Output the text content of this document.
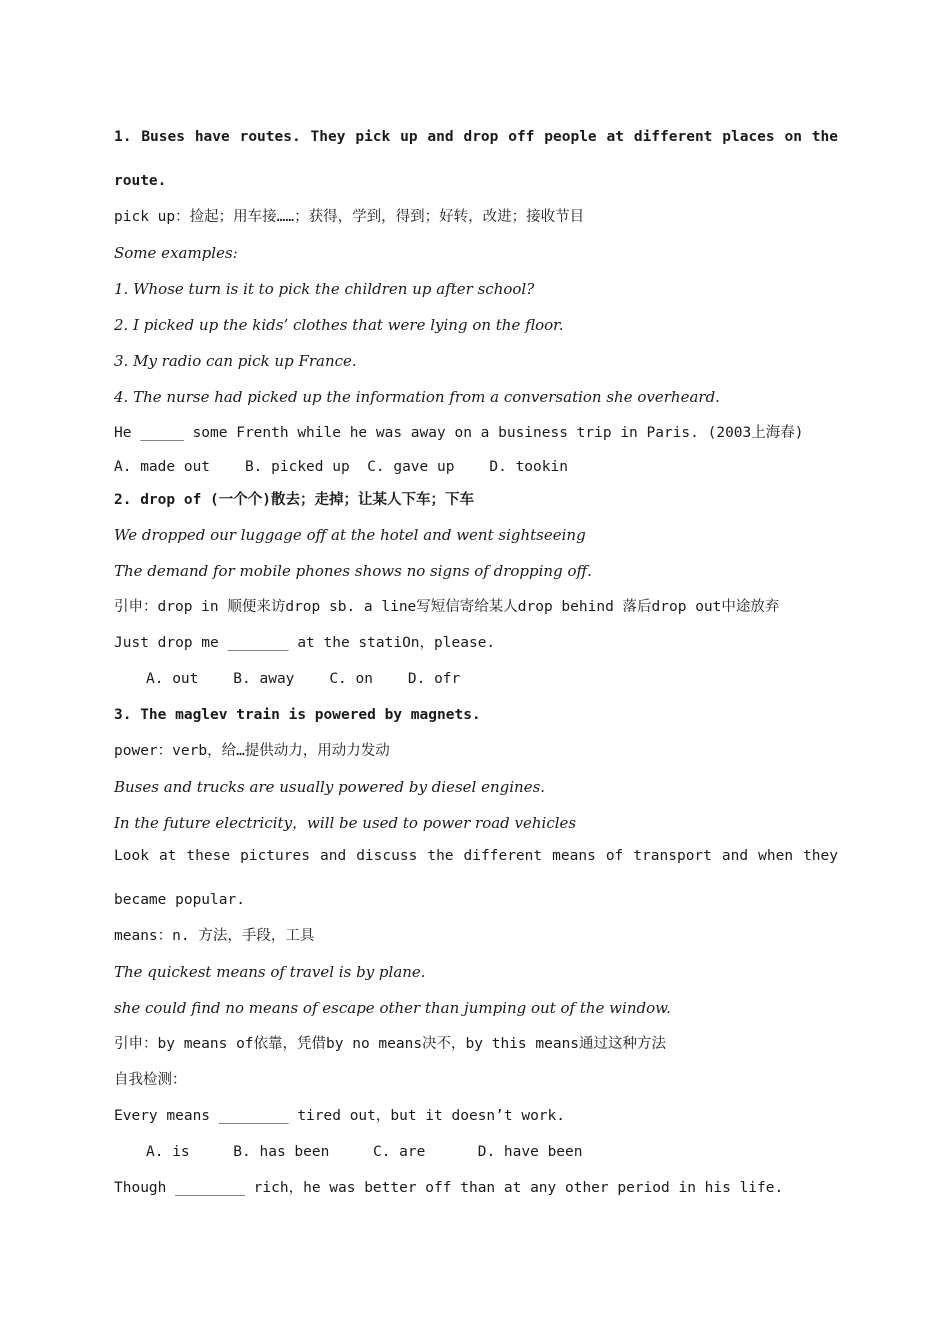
1. Buses have routes. They pick up and drop off people at different places on the
route.
pick up：捡起；用车接……；获得，学到，得到；好转，改进；接收节目
Some examples:
1. Whose turn is it to pick the children up after school?
2. I picked up the kids’ clothes that were lying on the floor.
3. My radio can pick up France.
4. The nurse had picked up the information from a conversation she overheard.
He _____ some Frenth while he was away on a business trip in Paris. (2003上海春)
A. made out    B. picked up  C. gave up    D. tookin
2. drop of (一个个)散去；走掉；让某人下车；下车
We dropped our luggage off at the hotel and went sightseeing
The demand for mobile phones shows no signs of dropping off.
引申：drop in 顺便来访drop sb. a line写短信寄给某人drop behind 落后drop out中途放弃
Just drop me _______ at the statiOn，please.
A. out    B. away    C. on    D. ofr
3. The maglev train is powered by magnets.
power：verb，给…提供动力，用动力发动
Buses and trucks are usually powered by diesel engines.
In the future electricity，will be used to power road vehicles
Look at these pictures and discuss the different means of transport and when they
became popular.
means：n. 方法，手段，工具
The quickest means of travel is by plane.
she could find no means of escape other than jumping out of the window.
引申：by means of依靠，凭借by no means决不，by this means通过这种方法
自我检测：
Every means ________ tired out，but it doesn’t work.
A. is     B. has been     C. are      D. have been
Though ________ rich，he was better off than at any other period in his life.
